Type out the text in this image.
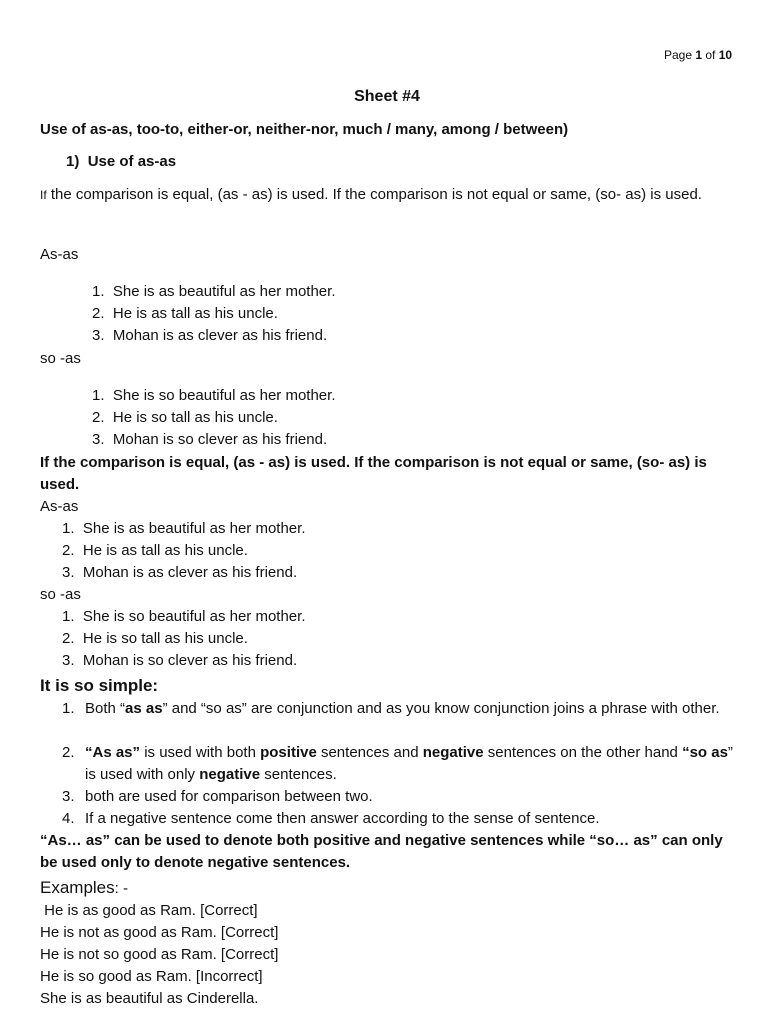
Page 1 of 10
Sheet #4
Use of as-as, too-to, either-or, neither-nor, much / many, among / between)
1) Use of as-as
If the comparison is equal, (as - as) is used. If the comparison is not equal or same, (so- as) is used.
As-as
1. She is as beautiful as her mother.
2. He is as tall as his uncle.
3. Mohan is as clever as his friend.
so -as
1. She is so beautiful as her mother.
2. He is so tall as his uncle.
3. Mohan is so clever as his friend.
If the comparison is equal, (as - as) is used. If the comparison is not equal or same, (so- as) is used.
As-as
1. She is as beautiful as her mother.
2. He is as tall as his uncle.
3. Mohan is as clever as his friend.
so -as
1. She is so beautiful as her mother.
2. He is so tall as his uncle.
3. Mohan is so clever as his friend.
It is so simple:
1. Both “as as” and “so as” are conjunction and as you know conjunction joins a phrase with other.
2. “As as” is used with both positive sentences and negative sentences on the other hand “so as” is used with only negative sentences.
3. both are used for comparison between two.
4. If a negative sentence come then answer according to the sense of sentence.
“As… as” can be used to denote both positive and negative sentences while “so… as” can only be used only to denote negative sentences.
Examples: -
He is as good as Ram. [Correct]
He is not as good as Ram. [Correct]
He is not so good as Ram. [Correct]
He is so good as Ram. [Incorrect]
She is as beautiful as Cinderella.
